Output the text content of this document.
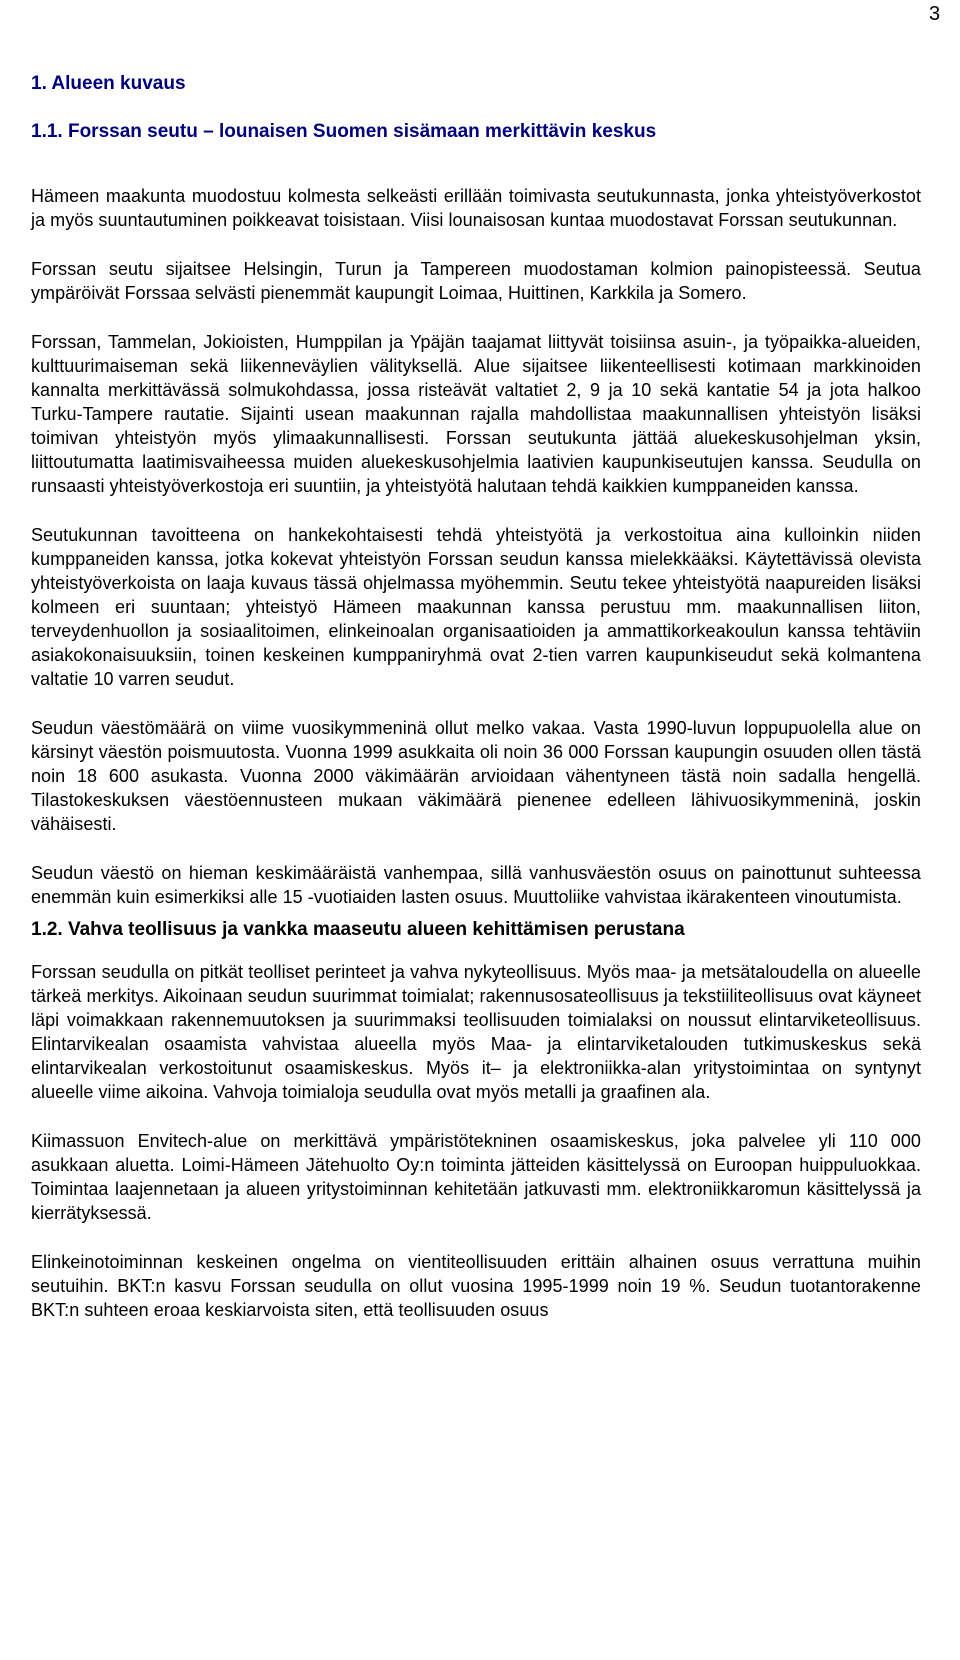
3
1. Alueen kuvaus
1.1. Forssan seutu – lounaisen Suomen sisämaan merkittävin keskus

Hämeen maakunta muodostuu kolmesta selkeästi erillään toimivasta seutukunnasta, jonka yhteistyöverkostot ja myös suuntautuminen poikkeavat toisistaan. Viisi lounaisosan kuntaa muodostavat Forssan seutukunnan.

Forssan seutu sijaitsee Helsingin, Turun ja Tampereen muodostaman kolmion painopisteessä. Seutua ympäröivät Forssaa selvästi pienemmät kaupungit Loimaa, Huittinen, Karkkila ja Somero.

Forssan, Tammelan, Jokioisten, Humppilan ja Ypäjän taajamat liittyvät toisiinsa asuin-, ja työpaikka-alueiden, kulttuurimaiseman sekä liikenneväylien välityksellä. Alue sijaitsee liikenteellisesti kotimaan markkinoiden kannalta merkittävässä solmukohdassa, jossa risteävät valtatiet 2, 9 ja 10 sekä kantatie 54 ja jota halkoo Turku-Tampere rautatie. Sijainti usean maakunnan rajalla mahdollistaa maakunnallisen yhteistyön lisäksi toimivan yhteistyön myös ylimaakunnallisesti. Forssan seutukunta jättää aluekeskusohjelman yksin, liittoutumatta laatimisvaiheessa muiden aluekeskusohjelmia laativien kaupunkiseutujen kanssa. Seudulla on runsaasti yhteistyöverkostoja eri suuntiin, ja yhteistyötä halutaan tehdä kaikkien kumppaneiden kanssa.

Seutukunnan tavoitteena on hankekohtaisesti tehdä yhteistyötä ja verkostoitua aina kulloinkin niiden kumppaneiden kanssa, jotka kokevat yhteistyön Forssan seudun kanssa mielekkääksi. Käytettävissä olevista yhteistyöverkoista on laaja kuvaus tässä ohjelmassa myöhemmin. Seutu tekee yhteistyötä naapureiden lisäksi kolmeen eri suuntaan; yhteistyö Hämeen maakunnan kanssa perustuu mm. maakunnallisen liiton, terveydenhuollon ja sosiaalitoimen, elinkeinoalan organisaatioiden ja ammattikorkeakoulun kanssa tehtäviin asiakokonaisuuksiin, toinen keskeinen kumppaniryhmä ovat 2-tien varren kaupunkiseudut sekä kolmantena valtatie 10 varren seudut.

Seudun väestömäärä on viime vuosikymmeninä ollut melko vakaa. Vasta 1990-luvun loppupuolella alue on kärsinyt väestön poismuutosta. Vuonna 1999 asukkaita oli noin 36 000 Forssan kaupungin osuuden ollen tästä noin 18 600 asukasta. Vuonna 2000 väkimäärän arvioidaan vähentyneen tästä noin sadalla hengellä. Tilastokeskuksen väestöennusteen mukaan väkimäärä pienenee edelleen lähivuosikymmeninä, joskin vähäisesti.

Seudun väestö on hieman keskimääräistä vanhempaa, sillä vanhusväestön osuus on painottunut suhteessa enemmän kuin esimerkiksi alle 15 -vuotiaiden lasten osuus. Muuttoliike vahvistaa ikärakenteen vinoutumista.

1.2. Vahva teollisuus ja vankka maaseutu alueen kehittämisen perustana

Forssan seudulla on pitkät teolliset perinteet ja vahva nykyteollisuus. Myös maa- ja metsätaloudella on alueelle tärkeä merkitys. Aikoinaan seudun suurimmat toimialat; rakennusosateollisuus ja tekstiiliteollisuus ovat käyneet läpi voimakkaan rakennemuutoksen ja suurimmaksi teollisuuden toimialaksi on noussut elintarviketeollisuus. Elintarvikealan osaamista vahvistaa alueella myös Maa- ja elintarviketalouden tutkimuskeskus sekä elintarvikealan verkostoitunut osaamiskeskus. Myös it– ja elektroniikka-alan yritystoimintaa on syntynyt alueelle viime aikoina. Vahvoja toimialoja seudulla ovat myös metalli ja graafinen ala.

Kiimassuon Envitech-alue on merkittävä ympäristötekninen osaamiskeskus, joka palvelee yli 110 000 asukkaan aluetta. Loimi-Hämeen Jätehuolto Oy:n toiminta jätteiden käsittelyssä on Euroopan huippuluokkaa. Toimintaa laajennetaan ja alueen yritystoiminnan kehitetään jatkuvasti mm. elektroniikkaromun käsittelyssä ja kierrätyksessä.

Elinkeinotoiminnan keskeinen ongelma on vientiteollisuuden erittäin alhainen osuus verrattuna muihin seutuihin. BKT:n kasvu Forssan seudulla on ollut vuosina 1995-1999 noin 19 %. Seudun tuotantorakenne BKT:n suhteen eroaa keskiarvoista siten, että teollisuuden osuus
